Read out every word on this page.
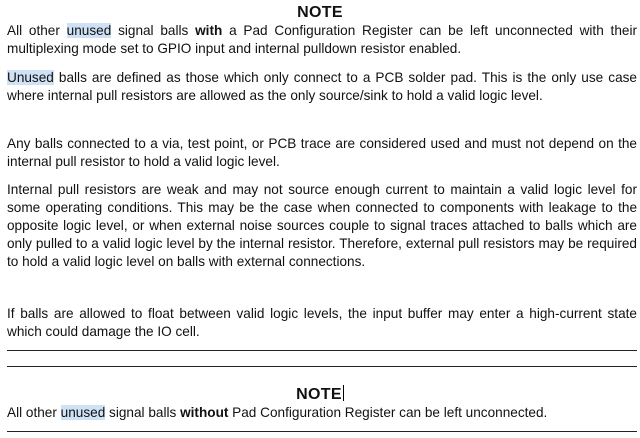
NOTE
All other unused signal balls with a Pad Configuration Register can be left unconnected with their multiplexing mode set to GPIO input and internal pulldown resistor enabled.
Unused balls are defined as those which only connect to a PCB solder pad. This is the only use case where internal pull resistors are allowed as the only source/sink to hold a valid logic level.
Any balls connected to a via, test point, or PCB trace are considered used and must not depend on the internal pull resistor to hold a valid logic level.
Internal pull resistors are weak and may not source enough current to maintain a valid logic level for some operating conditions. This may be the case when connected to components with leakage to the opposite logic level, or when external noise sources couple to signal traces attached to balls which are only pulled to a valid logic level by the internal resistor. Therefore, external pull resistors may be required to hold a valid logic level on balls with external connections.
If balls are allowed to float between valid logic levels, the input buffer may enter a high-current state which could damage the IO cell.
NOTE
All other unused signal balls without Pad Configuration Register can be left unconnected.
